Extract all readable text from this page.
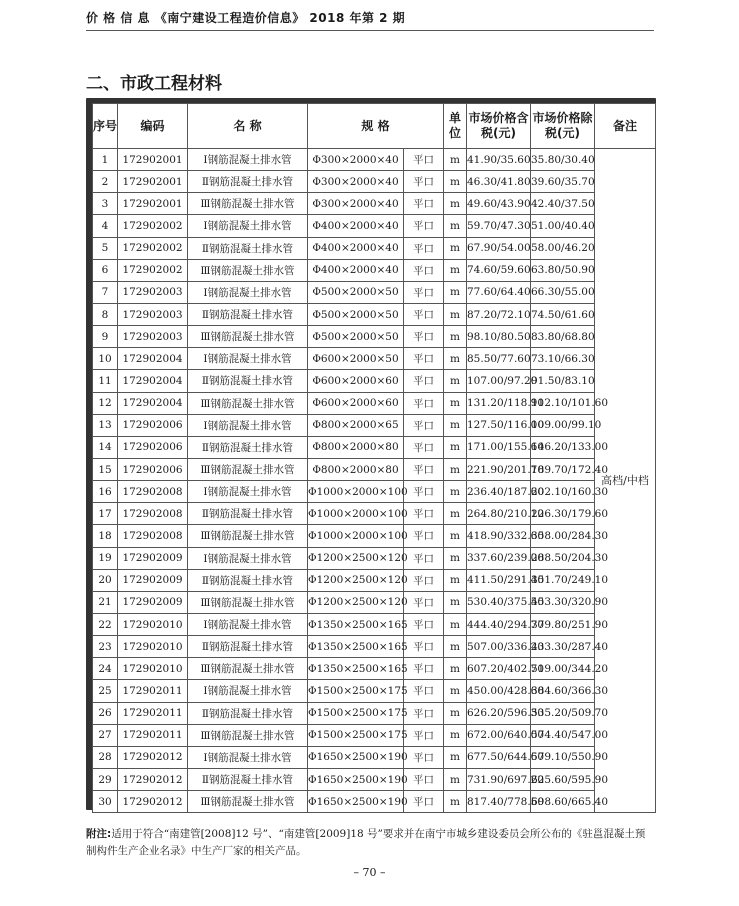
价 格 信 息 《南宁建设工程造价信息》 2018 年第 2 期
二、市政工程材料
序号	编码	名 称	规 格		单位	市场价格含税(元)	市场价格除税(元)	备注
1	172902001	Ⅰ钢筋混凝土排水管	Φ300×2000×40	平口	m	41.90/35.60	35.80/30.40	高档/中档
2	172902001	Ⅱ钢筋混凝土排水管	Φ300×2000×40	平口	m	46.30/41.80	39.60/35.70	
3	172902001	Ⅲ钢筋混凝土排水管	Φ300×2000×40	平口	m	49.60/43.90	42.40/37.50	
4	172902002	Ⅰ钢筋混凝土排水管	Φ400×2000×40	平口	m	59.70/47.30	51.00/40.40	
5	172902002	Ⅱ钢筋混凝土排水管	Φ400×2000×40	平口	m	67.90/54.00	58.00/46.20	
6	172902002	Ⅲ钢筋混凝土排水管	Φ400×2000×40	平口	m	74.60/59.60	63.80/50.90	
7	172902003	Ⅰ钢筋混凝土排水管	Φ500×2000×50	平口	m	77.60/64.40	66.30/55.00	
8	172902003	Ⅱ钢筋混凝土排水管	Φ500×2000×50	平口	m	87.20/72.10	74.50/61.60	
9	172902003	Ⅲ钢筋混凝土排水管	Φ500×2000×50	平口	m	98.10/80.50	83.80/68.80	
10	172902004	Ⅰ钢筋混凝土排水管	Φ600×2000×50	平口	m	85.50/77.60	73.10/66.30	
11	172902004	Ⅱ钢筋混凝土排水管	Φ600×2000×60	平口	m	107.00/97.20	91.50/83.10	
12	172902004	Ⅲ钢筋混凝土排水管	Φ600×2000×60	平口	m	131.20/118.90	112.10/101.60	
13	172902006	Ⅰ钢筋混凝土排水管	Φ800×2000×65	平口	m	127.50/116.00	109.00/99.10	
14	172902006	Ⅱ钢筋混凝土排水管	Φ800×2000×80	平口	m	171.00/155.60	146.20/133.00	
15	172902006	Ⅲ钢筋混凝土排水管	Φ800×2000×80	平口	m	221.90/201.70	189.70/172.40	
16	172902008	Ⅰ钢筋混凝土排水管	Φ1000×2000×100	平口	m	236.40/187.60	202.10/160.30	
17	172902008	Ⅱ钢筋混凝土排水管	Φ1000×2000×100	平口	m	264.80/210.10	226.30/179.60	
18	172902008	Ⅲ钢筋混凝土排水管	Φ1000×2000×100	平口	m	418.90/332.60	358.00/284.30	
19	172902009	Ⅰ钢筋混凝土排水管	Φ1200×2500×120	平口	m	337.60/239.00	288.50/204.30	
20	172902009	Ⅱ钢筋混凝土排水管	Φ1200×2500×120	平口	m	411.50/291.40	351.70/249.10	
21	172902009	Ⅲ钢筋混凝土排水管	Φ1200×2500×120	平口	m	530.40/375.50	453.30/320.90	
22	172902010	Ⅰ钢筋混凝土排水管	Φ1350×2500×165	平口	m	444.40/294.70	379.80/251.90	
23	172902010	Ⅱ钢筋混凝土排水管	Φ1350×2500×165	平口	m	507.00/336.20	433.30/287.40	
24	172902010	Ⅲ钢筋混凝土排水管	Φ1350×2500×165	平口	m	607.20/402.70	519.00/344.20	
25	172902011	Ⅰ钢筋混凝土排水管	Φ1500×2500×175	平口	m	450.00/428.60	384.60/366.30	
26	172902011	Ⅱ钢筋混凝土排水管	Φ1500×2500×175	平口	m	626.20/596.30	535.20/509.70	
27	172902011	Ⅲ钢筋混凝土排水管	Φ1500×2500×175	平口	m	672.00/640.00	574.40/547.00	
28	172902012	Ⅰ钢筋混凝土排水管	Φ1650×2500×190	平口	m	677.50/644.60	579.10/550.90	
29	172902012	Ⅱ钢筋混凝土排水管	Φ1650×2500×190	平口	m	731.90/697.20	625.60/595.90	
30	172902012	Ⅲ钢筋混凝土排水管	Φ1650×2500×190	平口	m	817.40/778.50	698.60/665.40	
附注:适用于符合“南建管[2008]12 号”、“南建管[2009]18 号”要求并在南宁市城乡建设委员会所公布的《驻邕混凝土预制构件生产企业名录》中生产厂家的相关产品。
– 70 –
